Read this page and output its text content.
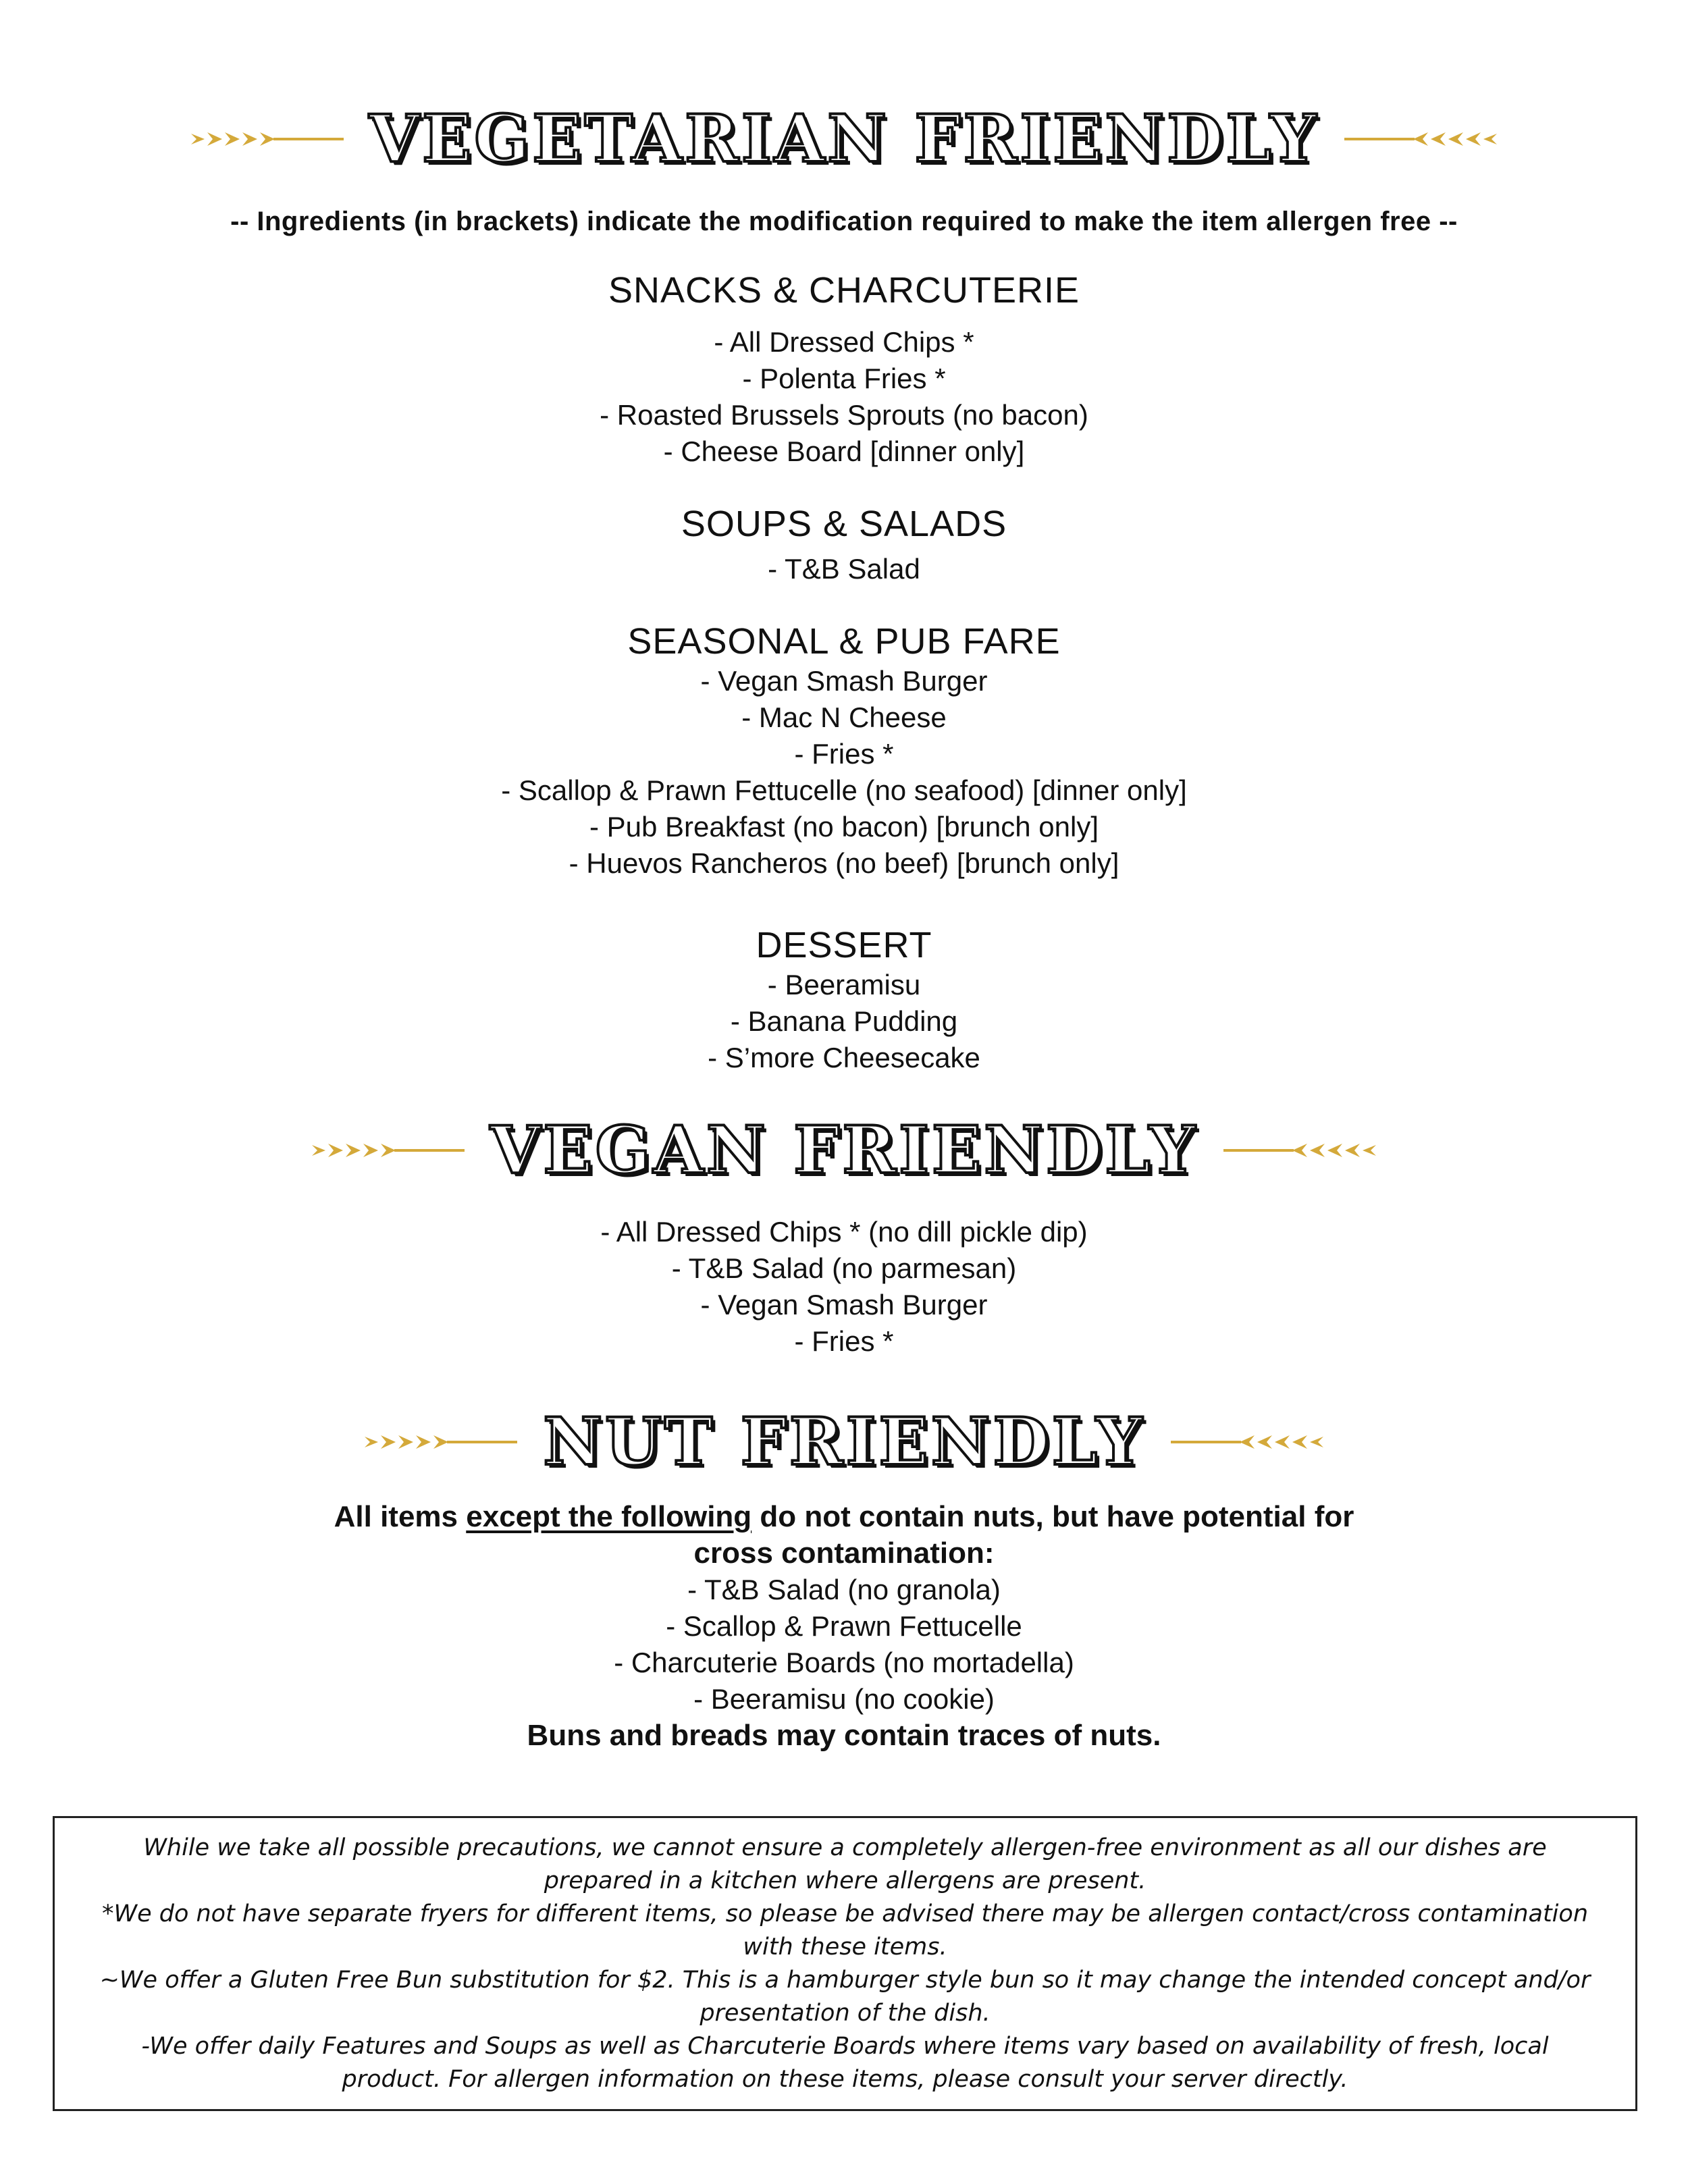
VEGETARIAN FRIENDLY
-- Ingredients (in brackets) indicate the modification required to make the item allergen free --
SNACKS & CHARCUTERIE
- All Dressed Chips *
- Polenta Fries *
- Roasted Brussels Sprouts (no bacon)
- Cheese Board [dinner only]
SOUPS & SALADS
- T&B Salad
SEASONAL & PUB FARE
- Vegan Smash Burger
- Mac N Cheese
- Fries *
- Scallop & Prawn Fettucelle (no seafood) [dinner only]
- Pub Breakfast (no bacon) [brunch only]
- Huevos Rancheros (no beef) [brunch only]
DESSERT
- Beeramisu
- Banana Pudding
- S’more Cheesecake
VEGAN FRIENDLY
- All Dressed Chips * (no dill pickle dip)
- T&B Salad (no parmesan)
- Vegan Smash Burger
- Fries *
NUT FRIENDLY
All items except the following do not contain nuts, but have potential for cross contamination:
- T&B Salad (no granola)
- Scallop & Prawn Fettucelle
- Charcuterie Boards (no mortadella)
- Beeramisu (no cookie)
Buns and breads may contain traces of nuts.

While we take all possible precautions, we cannot ensure a completely allergen-free environment as all our dishes are prepared in a kitchen where allergens are present.

*We do not have separate fryers for different items, so please be advised there may be allergen contact/cross contamination with these items.

~We offer a Gluten Free Bun substitution for $2. This is a hamburger style bun so it may change the intended concept and/or presentation of the dish.

-We offer daily Features and Soups as well as Charcuterie Boards where items vary based on availability of fresh, local product. For allergen information on these items, please consult your server directly.
